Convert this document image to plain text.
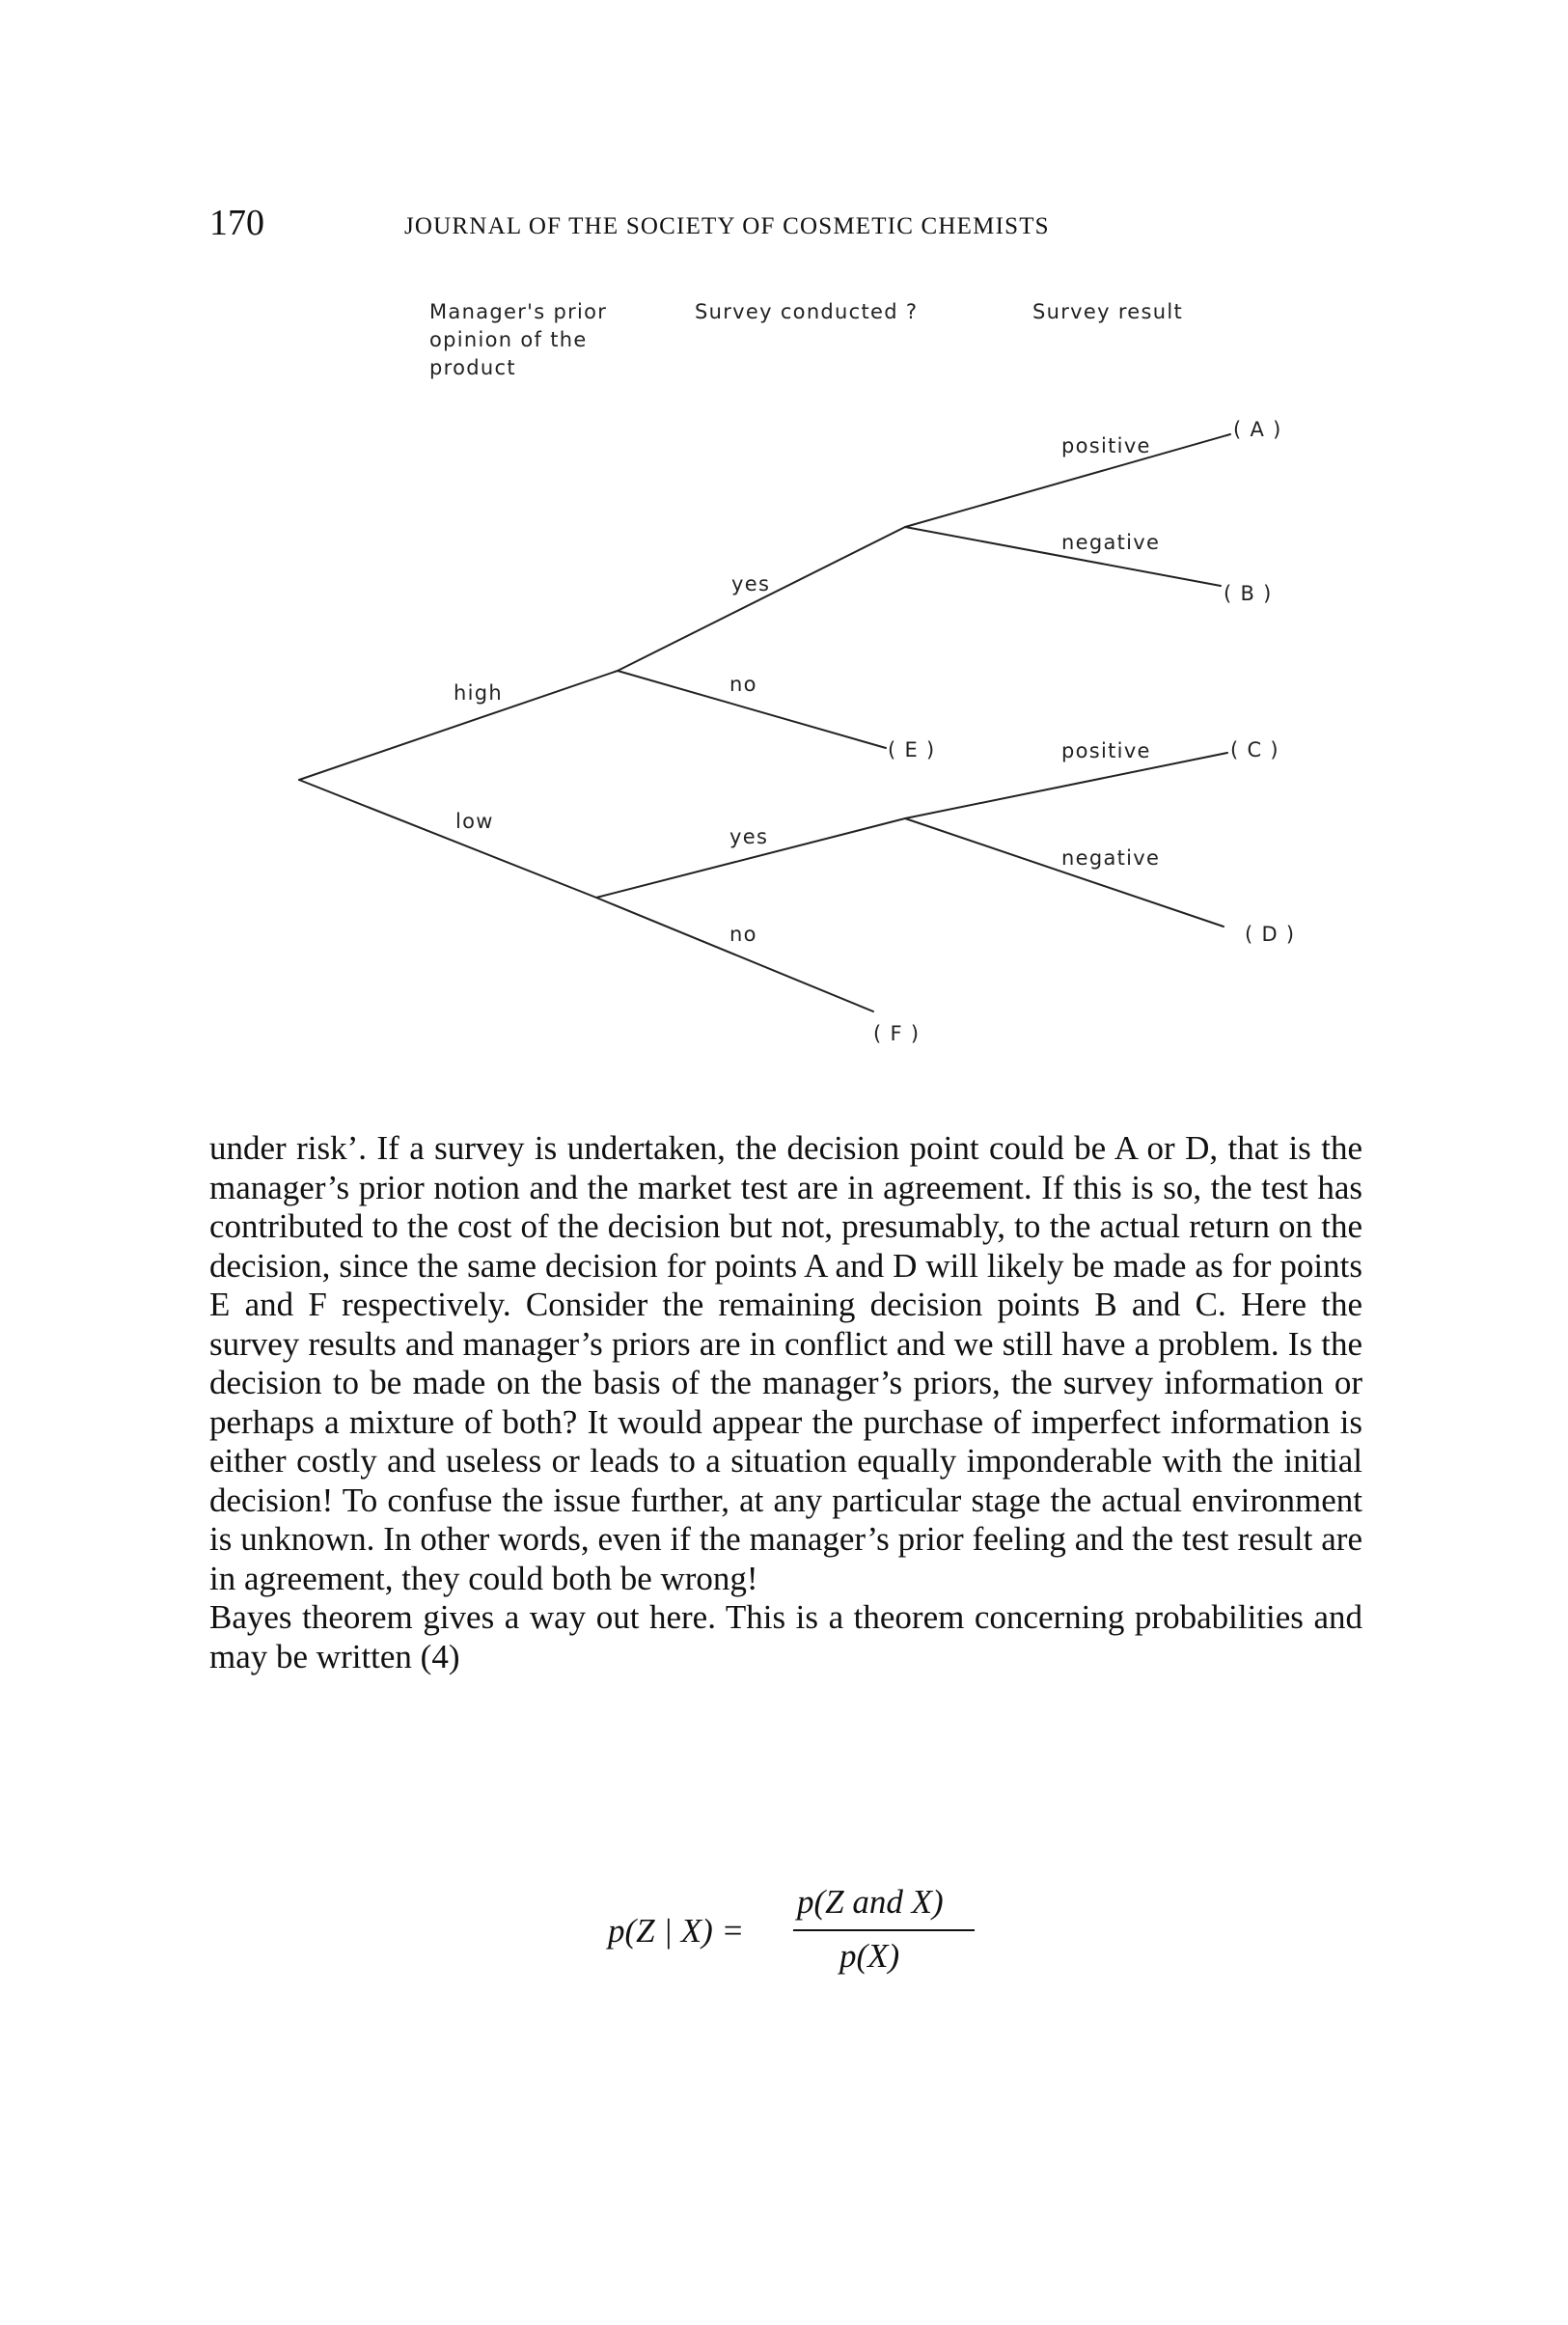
170	JOURNAL OF THE SOCIETY OF COSMETIC CHEMISTS
Manager's prior
opinion of the
product
Survey conducted ?	Survey result
high
low
yes
no
yes
no
positive
negative
positive
negative
( A )
( B )
( C )
( D )
( E )
( F )

under risk’. If a survey is undertaken, the decision point could be A or D, that is the manager’s prior notion and the market test are in agreement. If this is so, the test has contributed to the cost of the decision but not, presumably, to the actual return on the decision, since the same decision for points A and D will likely be made as for points E and F respectively. Consider the remaining decision points B and C. Here the survey results and manager’s priors are in conflict and we still have a problem. Is the decision to be made on the basis of the manager’s priors, the survey information or perhaps a mixture of both? It would appear the purchase of imperfect information is either costly and useless or leads to a situation equally imponderable with the initial decision! To confuse the issue further, at any particular stage the actual environment is unknown. In other words, even if the manager’s prior feeling and the test result are in agreement, they could both be wrong!

Bayes theorem gives a way out here. This is a theorem concerning probabilities and may be written (4)

p(Z | X) =
p(Z and X)
p(X)
